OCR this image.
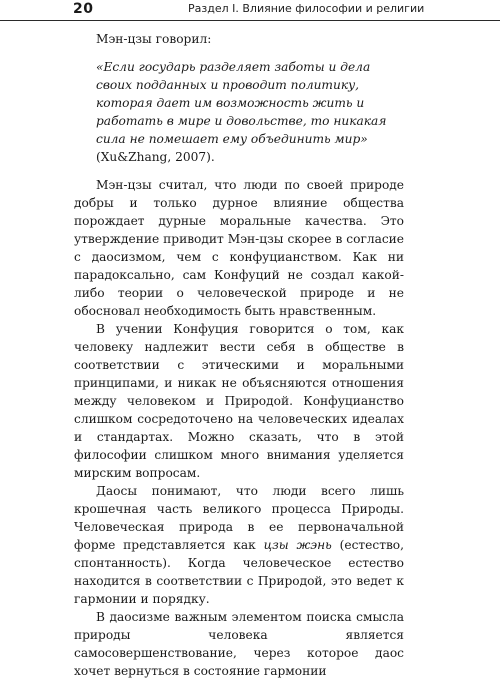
20	Раздел I. Влияние философии и религии

Мэн-цзы говорил:

«Если государь разделяет заботы и дела своих подданных и проводит политику, которая дает им возможность жить и работать в мире и довольстве, то никакая сила не помешает ему объединить мир» (Xu&Zhang, 2007).

Мэн-цзы считал, что люди по своей природе добры и только дурное влияние общества порождает дурные моральные качества. Это утверждение приводит Мэн-цзы скорее в согласие с даосизмом, чем с конфуцианством. Как ни парадоксально, сам Конфуций не создал какой-либо теории о человеческой природе и не обосновал необходимость быть нравственным.

В учении Конфуция говорится о том, как человеку надлежит вести себя в обществе в соответствии с этическими и моральными принципами, и никак не объясняются отношения между человеком и Природой. Конфуцианство слишком сосредоточено на человеческих идеалах и стандартах. Можно сказать, что в этой философии слишком много внимания уделяется мирским вопросам.

Даосы понимают, что люди всего лишь крошечная часть великого процесса Природы. Человеческая природа в ее первоначальной форме представляется как цзы жэнь (естество, спонтанность). Когда человеческое естество находится в соответствии с Природой, это ведет к гармонии и порядку.

В даосизме важным элементом поиска смысла природы человека является самосовершенствование, через которое даос хочет вернуться в состояние гармонии
